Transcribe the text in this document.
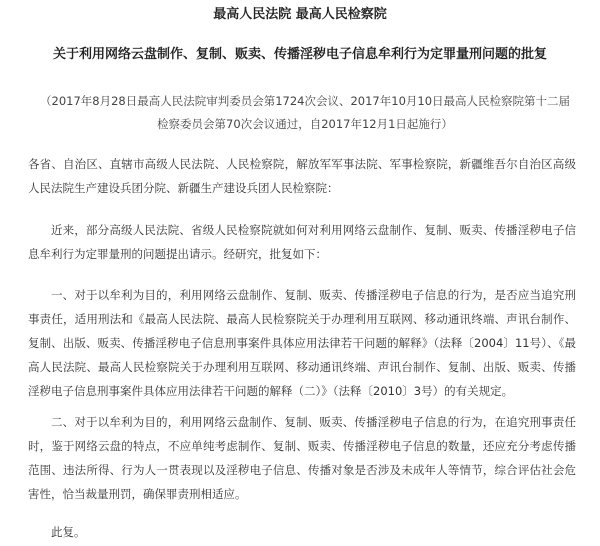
最高人民法院 最高人民检察院
关于利用网络云盘制作、复制、贩卖、传播淫秽电子信息牟利行为定罪量刑问题的批复
（2017年8月28日最高人民法院审判委员会第1724次会议、2017年10月10日最高人民检察院第十二届检察委员会第70次会议通过，自2017年12月1日起施行）
各省、自治区、直辖市高级人民法院、人民检察院，解放军军事法院、军事检察院，新疆维吾尔自治区高级人民法院生产建设兵团分院、新疆生产建设兵团人民检察院：
近来，部分高级人民法院、省级人民检察院就如何对利用网络云盘制作、复制、贩卖、传播淫秽电子信息牟利行为定罪量刑的问题提出请示。经研究，批复如下：
一、对于以牟利为目的，利用网络云盘制作、复制、贩卖、传播淫秽电子信息的行为，是否应当追究刑事责任，适用刑法和《最高人民法院、最高人民检察院关于办理利用互联网、移动通讯终端、声讯台制作、复制、出版、贩卖、传播淫秽电子信息刑事案件具体应用法律若干问题的解释》（法释〔2004〕11号）、《最高人民法院、最高人民检察院关于办理利用互联网、移动通讯终端、声讯台制作、复制、出版、贩卖、传播淫秽电子信息刑事案件具体应用法律若干问题的解释（二）》（法释〔2010〕3号）的有关规定。
二、对于以牟利为目的，利用网络云盘制作、复制、贩卖、传播淫秽电子信息的行为，在追究刑事责任时，鉴于网络云盘的特点，不应单纯考虑制作、复制、贩卖、传播淫秽电子信息的数量，还应充分考虑传播范围、违法所得、行为人一贯表现以及淫秽电子信息、传播对象是否涉及未成年人等情节，综合评估社会危害性，恰当裁量刑罚，确保罪责刑相适应。
此复。
